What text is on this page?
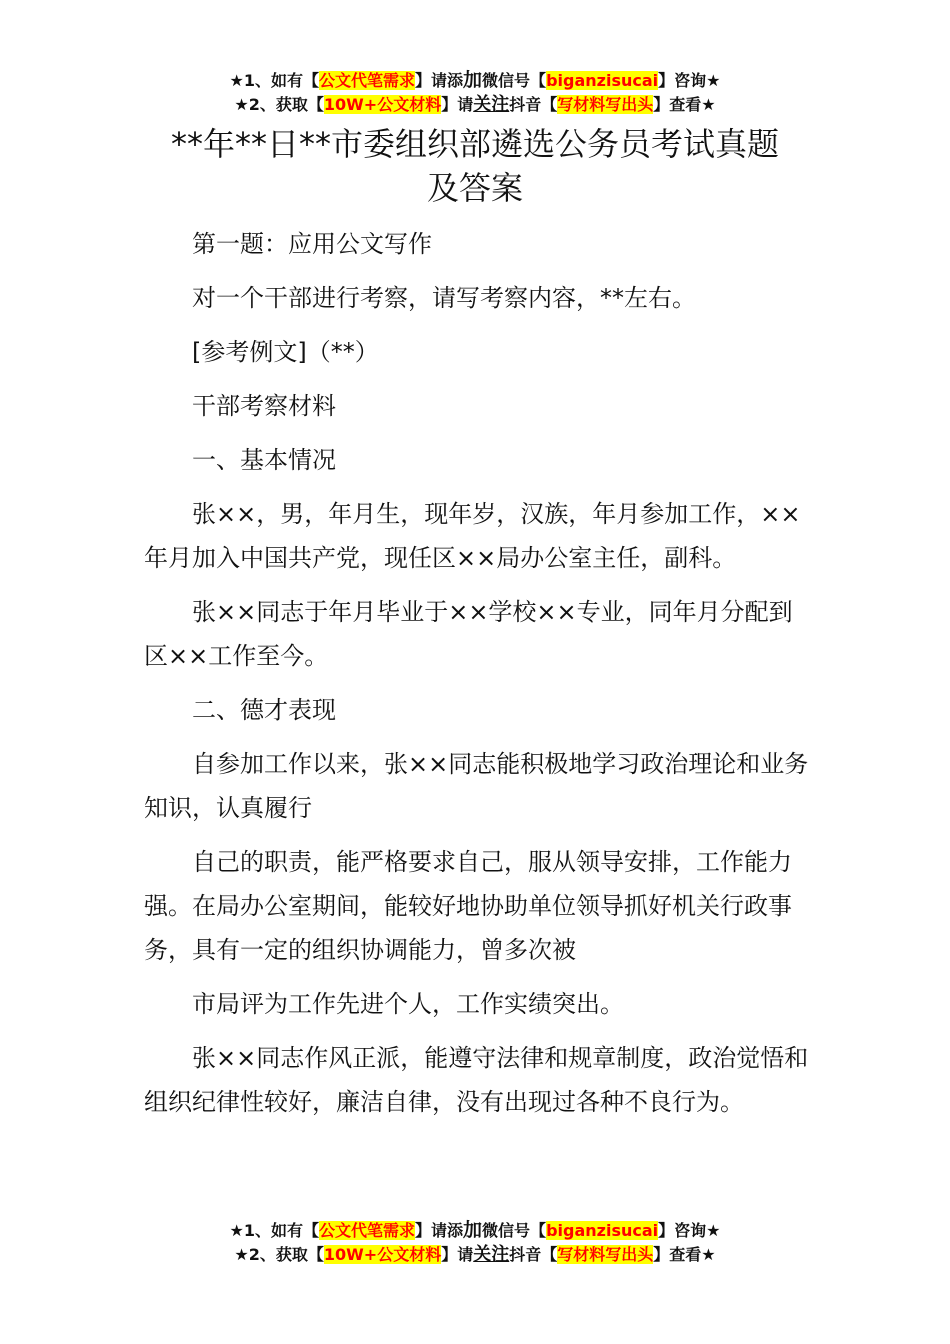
★1、如有【公文代笔需求】请添加微信号【biganzisucai】咨询★
★2、获取【10W+公文材料】请关注抖音【写材料写出头】查看★
**年**日**市委组织部遴选公务员考试真题
及答案

第一题：应用公文写作

对一个干部进行考察，请写考察内容，**左右。

[参考例文]（**）

干部考察材料

一、基本情况

张××，男，年月生，现年岁，汉族，年月参加工作，××年月加入中国共产党，现任区××局办公室主任，副科。

张××同志于年月毕业于××学校××专业，同年月分配到区××工作至今。

二、德才表现

自参加工作以来，张××同志能积极地学习政治理论和业务知识，认真履行

自己的职责，能严格要求自己，服从领导安排，工作能力强。在局办公室期间，能较好地协助单位领导抓好机关行政事务，具有一定的组织协调能力，曾多次被

市局评为工作先进个人，工作实绩突出。

张××同志作风正派，能遵守法律和规章制度，政治觉悟和组织纪律性较好，廉洁自律，没有出现过各种不良行为。

★1、如有【公文代笔需求】请添加微信号【biganzisucai】咨询★
★2、获取【10W+公文材料】请关注抖音【写材料写出头】查看★
